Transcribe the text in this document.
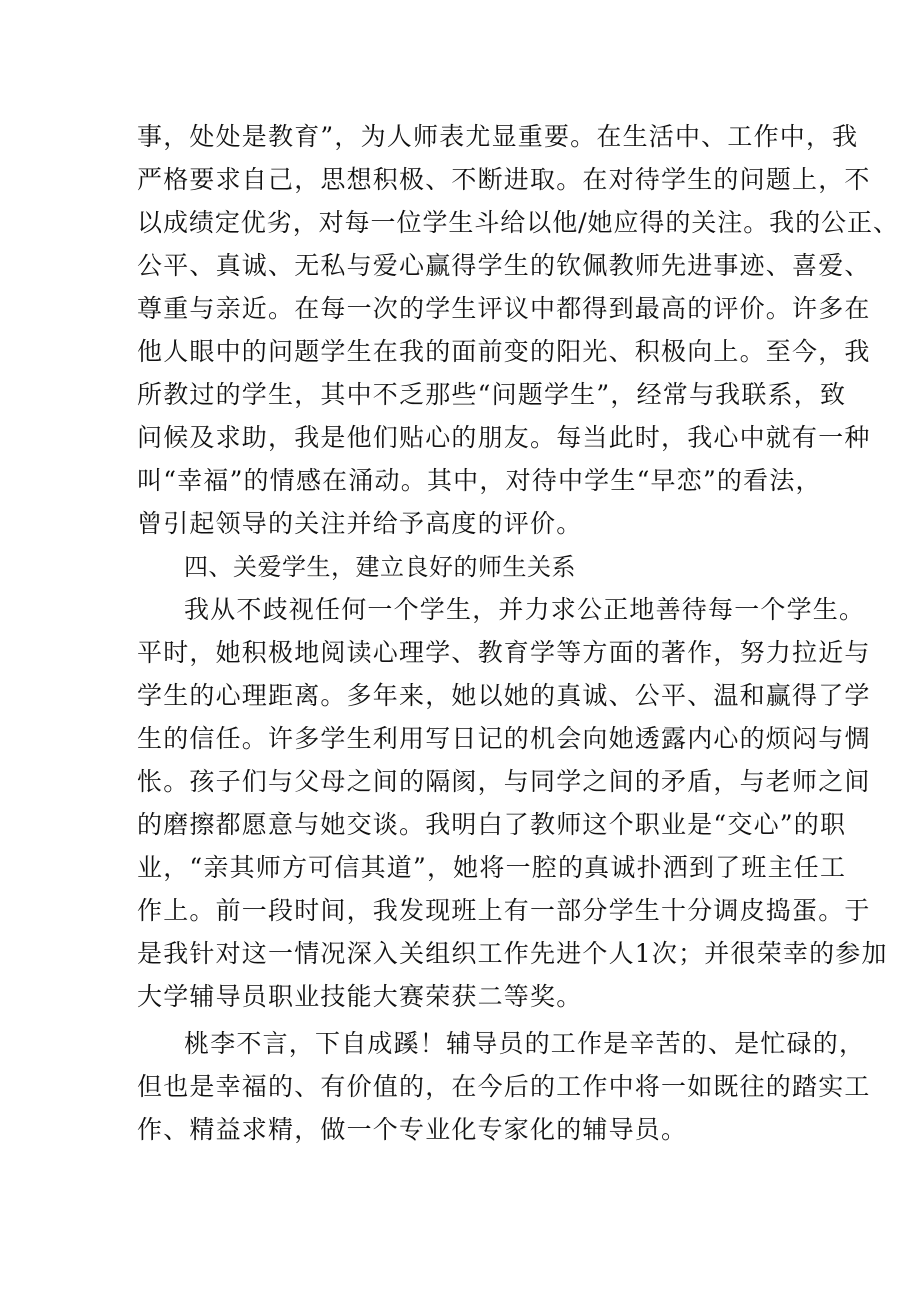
事，处处是教育”，为人师表尤显重要。在生活中、工作中，我
严格要求自己，思想积极、不断进取。在对待学生的问题上，不
以成绩定优劣，对每一位学生斗给以他/她应得的关注。我的公正、
公平、真诚、无私与爱心赢得学生的钦佩教师先进事迹、喜爱、
尊重与亲近。在每一次的学生评议中都得到最高的评价。许多在
他人眼中的问题学生在我的面前变的阳光、积极向上。至今，我
所教过的学生，其中不乏那些“问题学生”，经常与我联系，致
问候及求助，我是他们贴心的朋友。每当此时，我心中就有一种
叫“幸福”的情感在涌动。其中，对待中学生“早恋”的看法，
曾引起领导的关注并给予高度的评价。
四、关爱学生，建立良好的师生关系
我从不歧视任何一个学生，并力求公正地善待每一个学生。
平时，她积极地阅读心理学、教育学等方面的著作，努力拉近与
学生的心理距离。多年来，她以她的真诚、公平、温和赢得了学
生的信任。许多学生利用写日记的机会向她透露内心的烦闷与惆
怅。孩子们与父母之间的隔阂，与同学之间的矛盾，与老师之间
的磨擦都愿意与她交谈。我明白了教师这个职业是“交心”的职
业，“亲其师方可信其道”，她将一腔的真诚扑洒到了班主任工
作上。前一段时间，我发现班上有一部分学生十分调皮捣蛋。于
是我针对这一情况深入关组织工作先进个人1次；并很荣幸的参加
大学辅导员职业技能大赛荣获二等奖。
桃李不言，下自成蹊！辅导员的工作是辛苦的、是忙碌的，
但也是幸福的、有价值的，在今后的工作中将一如既往的踏实工
作、精益求精，做一个专业化专家化的辅导员。
